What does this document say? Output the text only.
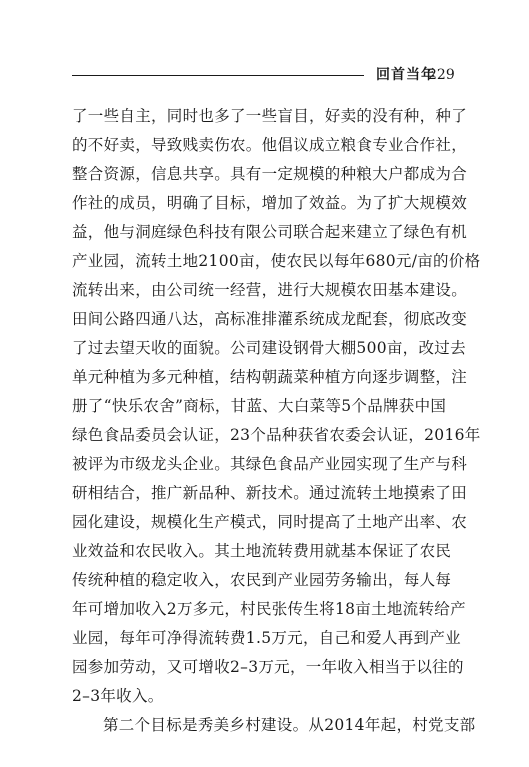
回首当年
229
了一些自主，同时也多了一些盲目，好卖的没有种，种了
的不好卖，导致贱卖伤农。他倡议成立粮食专业合作社，
整合资源，信息共享。具有一定规模的种粮大户都成为合
作社的成员，明确了目标，增加了效益。为了扩大规模效
益，他与洞庭绿色科技有限公司联合起来建立了绿色有机
产业园，流转土地2100亩，使农民以每年680元/亩的价格
流转出来，由公司统一经营，进行大规模农田基本建设。
田间公路四通八达，高标准排灌系统成龙配套，彻底改变
了过去望天收的面貌。公司建设钢骨大棚500亩，改过去
单元种植为多元种植，结构朝蔬菜种植方向逐步调整，注
册了“快乐农舍”商标，甘蓝、大白菜等5个品牌获中国
绿色食品委员会认证，23个品种获省农委会认证，2016年
被评为市级龙头企业。其绿色食品产业园实现了生产与科
研相结合，推广新品种、新技术。通过流转土地摸索了田
园化建设，规模化生产模式，同时提高了土地产出率、农
业效益和农民收入。其土地流转费用就基本保证了农民
传统种植的稳定收入，农民到产业园劳务输出，每人每
年可增加收入2万多元，村民张传生将18亩土地流转给产
业园，每年可净得流转费1.5万元，自己和爱人再到产业
园参加劳动，又可增收2–3万元，一年收入相当于以往的
2–3年收入。
第二个目标是秀美乡村建设。从2014年起，村党支部
